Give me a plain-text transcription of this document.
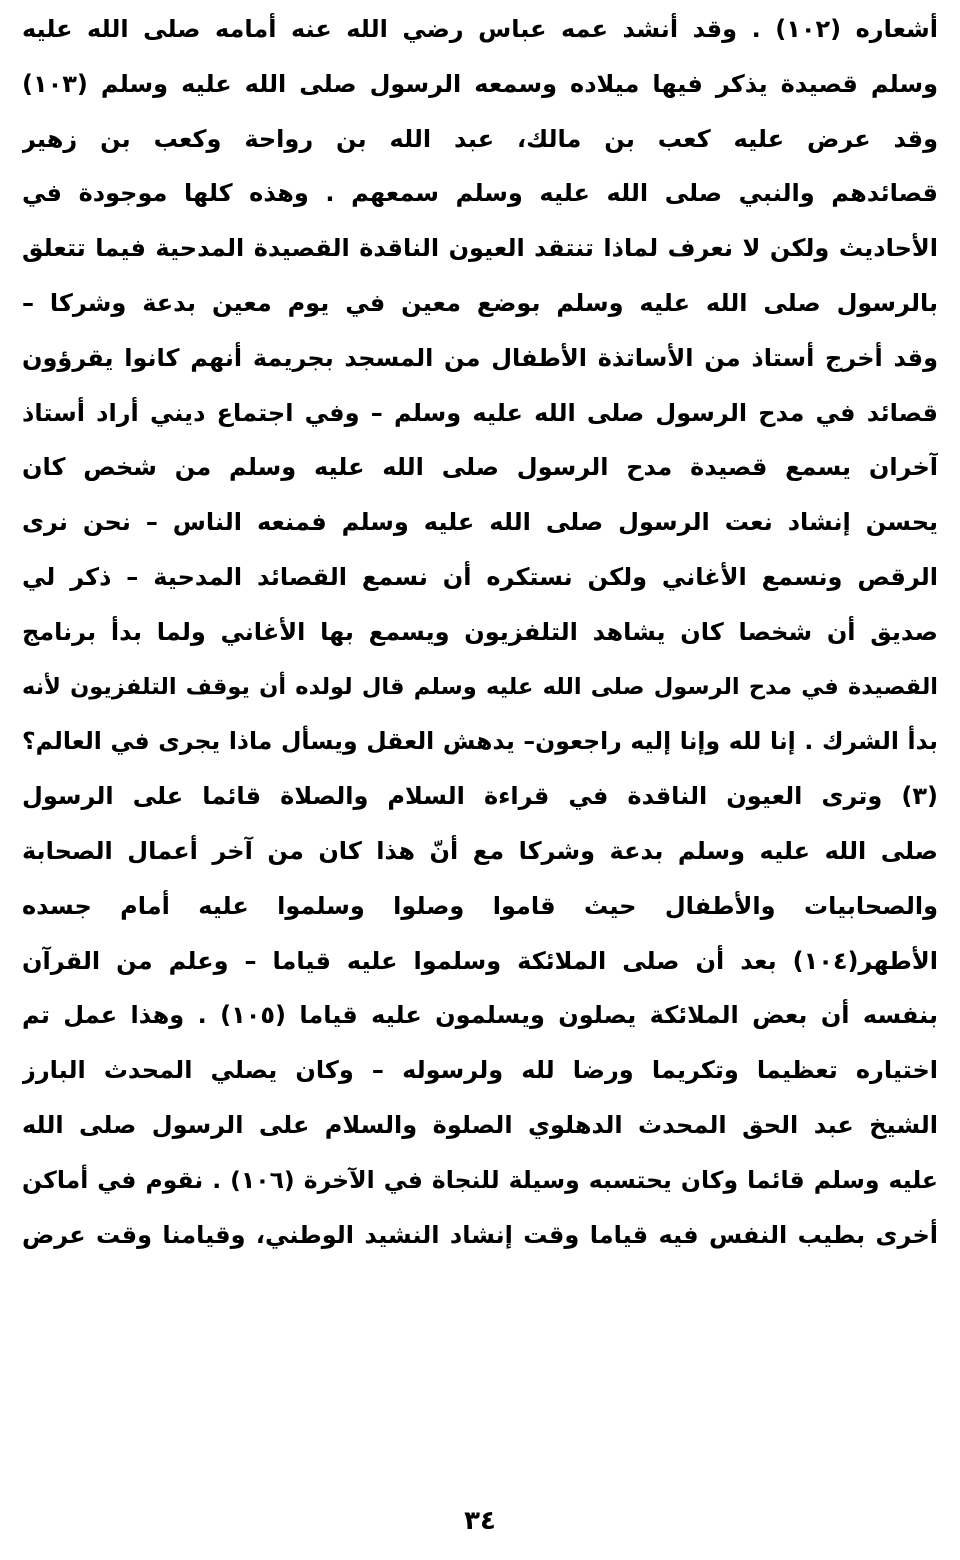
أشعاره (١٠٢) . وقد أنشد عمه عباس رضي الله عنه أمامه صلى الله عليه
وسلم قصيدة يذكر فيها ميلاده وسمعه الرسول صلى الله عليه وسلم (١٠٣)
وقد عرض عليه كعب بن مالك، عبد الله بن رواحة وكعب بن زهير
قصائدهم والنبي صلى الله عليه وسلم سمعهم . وهذه كلها موجودة في
الأحاديث ولكن لا نعرف لماذا تنتقد العيون الناقدة القصيدة المدحية فيما تتعلق
بالرسول صلى الله عليه وسلم بوضع معين في يوم معين بدعة وشركا –
وقد أخرج أستاذ من الأساتذة الأطفال من المسجد بجريمة أنهم كانوا يقرؤون
قصائد في مدح الرسول صلى الله عليه وسلم – وفي اجتماع ديني أراد أستاذ
آخران يسمع قصيدة مدح الرسول صلى الله عليه وسلم من شخص كان
يحسن إنشاد نعت الرسول صلى الله عليه وسلم فمنعه الناس – نحن نرى
الرقص ونسمع الأغاني ولكن نستكره أن نسمع القصائد المدحية – ذكر لي
صديق أن شخصا كان يشاهد التلفزيون ويسمع بها الأغاني ولما بدأ برنامج
القصيدة في مدح الرسول صلى الله عليه وسلم قال لولده أن يوقف التلفزيون لأنه
بدأ الشرك . إنا لله وإنا إليه راجعون– يدهش العقل ويسأل ماذا يجرى في العالم؟
(٣) وترى العيون الناقدة في قراءة السلام والصلاة قائما على الرسول
صلى الله عليه وسلم بدعة وشركا مع أنّ هذا كان من آخر أعمال الصحابة
والصحابيات والأطفال حيث قاموا وصلوا وسلموا عليه أمام جسده
الأطهر(١٠٤) بعد أن صلى الملائكة وسلموا عليه قياما – وعلم من القرآن
بنفسه أن بعض الملائكة يصلون ويسلمون عليه قياما (١٠٥) . وهذا عمل تم
اختياره تعظيما وتكريما ورضا لله ولرسوله – وكان يصلي المحدث البارز
الشيخ عبد الحق المحدث الدهلوي الصلوة والسلام على الرسول صلى الله
عليه وسلم قائما وكان يحتسبه وسيلة للنجاة في الآخرة (١٠٦) . نقوم في أماكن
أخرى بطيب النفس فيه قياما وقت إنشاد النشيد الوطني، وقيامنا وقت عرض
٣٤
